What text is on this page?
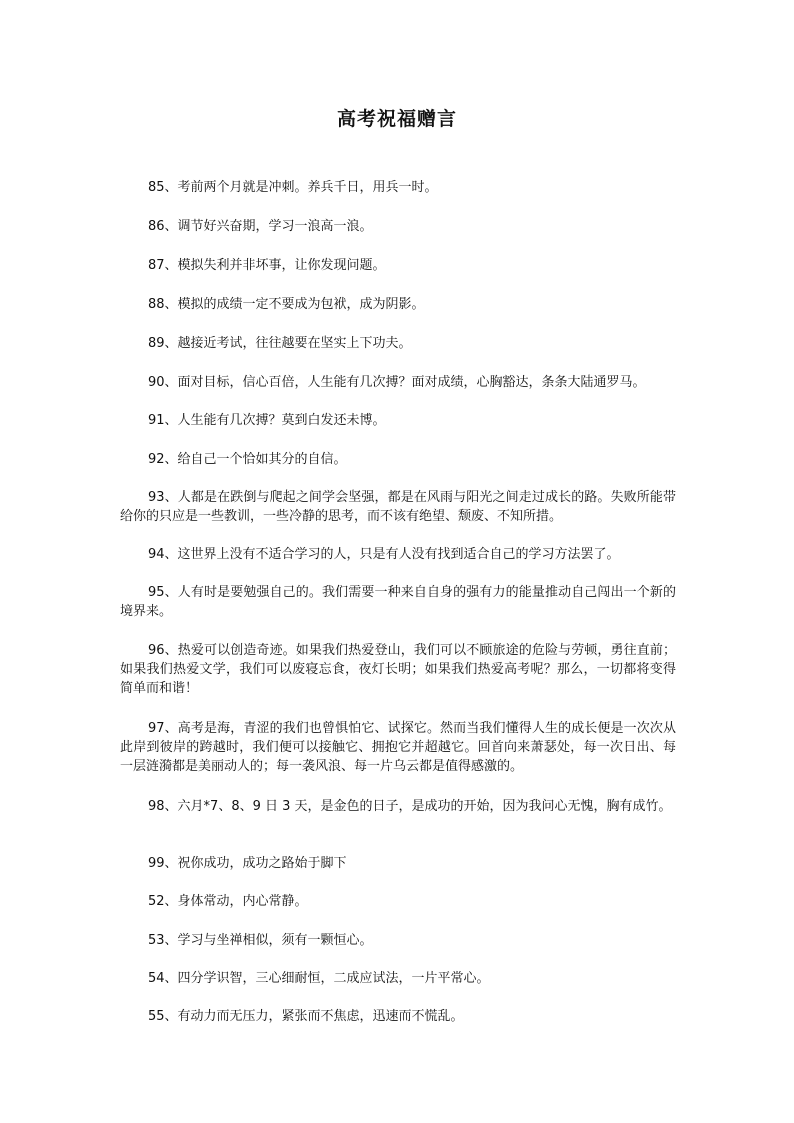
高考祝福赠言

85、考前两个月就是冲刺。养兵千日，用兵一时。

86、调节好兴奋期，学习一浪高一浪。

87、模拟失利并非坏事，让你发现问题。

88、模拟的成绩一定不要成为包袱，成为阴影。

89、越接近考试，往往越要在坚实上下功夫。

90、面对目标，信心百倍，人生能有几次搏？面对成绩，心胸豁达，条条大陆通罗马。

91、人生能有几次搏？莫到白发还未博。

92、给自己一个恰如其分的自信。

93、人都是在跌倒与爬起之间学会坚强，都是在风雨与阳光之间走过成长的路。失败所能带给你的只应是一些教训，一些冷静的思考，而不该有绝望、颓废、不知所措。

94、这世界上没有不适合学习的人，只是有人没有找到适合自己的学习方法罢了。

95、人有时是要勉强自己的。我们需要一种来自自身的强有力的能量推动自己闯出一个新的境界来。

96、热爱可以创造奇迹。如果我们热爱登山，我们可以不顾旅途的危险与劳顿，勇往直前；如果我们热爱文学，我们可以废寝忘食，夜灯长明；如果我们热爱高考呢？那么，一切都将变得简单而和谐！

97、高考是海，青涩的我们也曾惧怕它、试探它。然而当我们懂得人生的成长便是一次次从此岸到彼岸的跨越时，我们便可以接触它、拥抱它并超越它。回首向来萧瑟处，每一次日出、每一层涟漪都是美丽动人的；每一袭风浪、每一片乌云都是值得感激的。

98、六月*7、8、9 日 3 天，是金色的日子，是成功的开始，因为我问心无愧，胸有成竹。

99、祝你成功，成功之路始于脚下

52、身体常动，内心常静。

53、学习与坐禅相似，须有一颗恒心。

54、四分学识智，三心细耐恒，二成应试法，一片平常心。

55、有动力而无压力，紧张而不焦虑，迅速而不慌乱。
